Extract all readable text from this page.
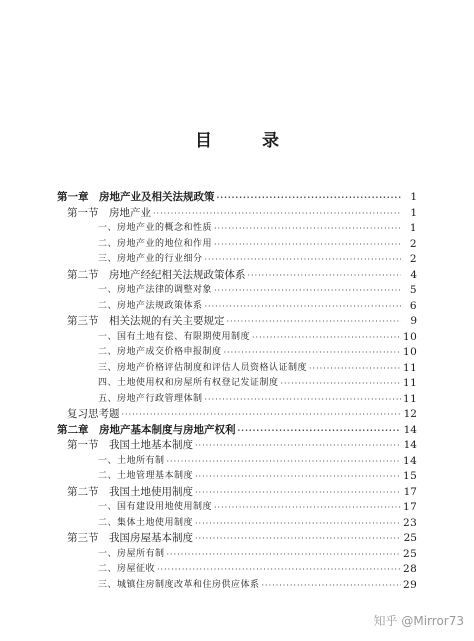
目 录
第一章　房地产业及相关法规政策 ·····	1
第一节　房地产业 ·····	1
一、房地产业的概念和性质 ·····	1
二、房地产业的地位和作用 ·····	2
三、房地产业的行业细分 ·····	2
第二节　房地产经纪相关法规政策体系 ·····	4
一、房地产法律的调整对象 ·····	5
二、房地产法规政策体系 ·····	6
第三节　相关法规的有关主要规定 ·····	9
一、国有土地有偿、有限期使用制度 ·····	10
二、房地产成交价格申报制度 ·····	10
三、房地产价格评估制度和评估人员资格认证制度 ·····	11
四、土地使用权和房屋所有权登记发证制度 ·····	11
五、房地产行政管理体制 ·····	11
复习思考题 ·····	12
第二章　房地产基本制度与房地产权利 ·····	14
第一节　我国土地基本制度 ·····	14
一、土地所有制 ·····	14
二、土地管理基本制度 ·····	15
第二节　我国土地使用制度 ·····	17
一、国有建设用地使用制度 ·····	17
二、集体土地使用制度 ·····	23
第三节　我国房屋基本制度 ·····	25
一、房屋所有制 ·····	25
二、房屋征收 ·····	28
三、城镇住房制度改革和住房供应体系 ·····	29
知乎 @Mirror73
